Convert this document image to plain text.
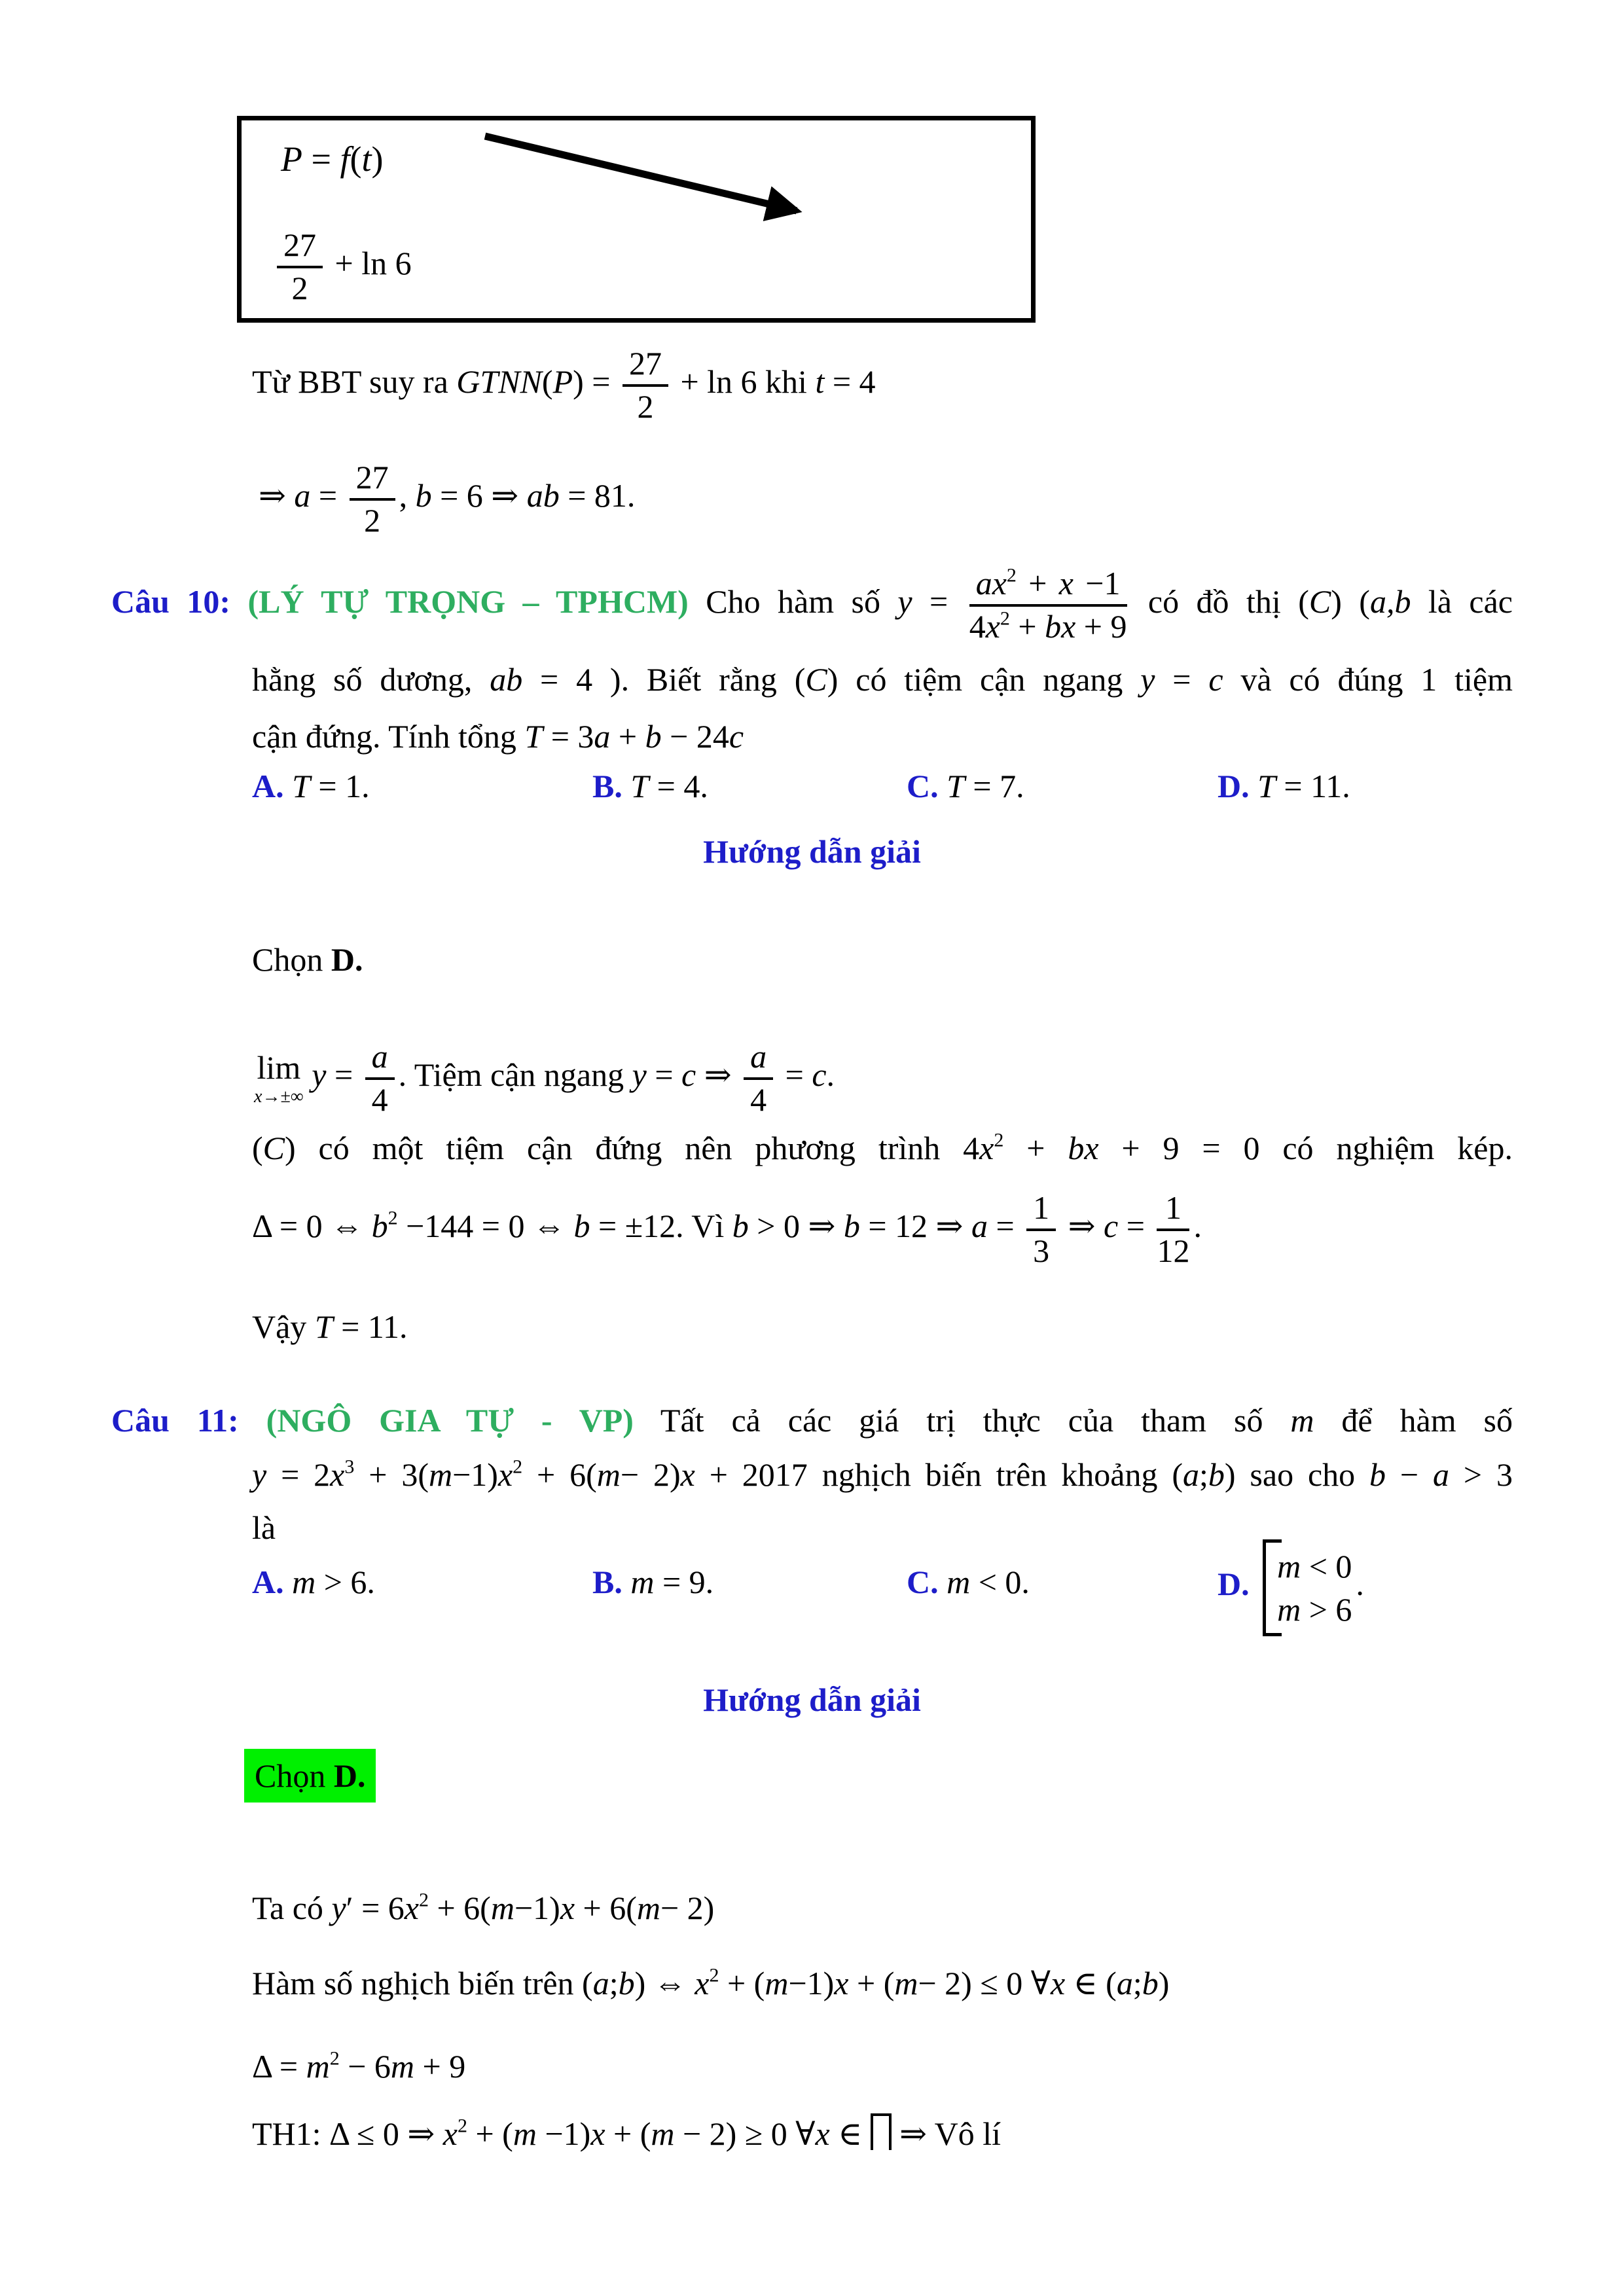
P = f(t)
$\frac{27}{2} + \ln 6$
Từ BBT suy ra GTNN(P) = $\frac{27}{2} + \ln 6$ khi t = 4
⇒ $a = \frac{27}{2}$ , b = 6 ⇒ ab = 81.
Câu 10: (LÝ TỰ TRỌNG – TPHCM) Cho hàm số $y = \frac{ax^2 + x -1}{4x^2 + bx + 9}$ có đồ thị (C) (a,b là các
hằng số dương, ab = 4 ). Biết rằng (C) có tiệm cận ngang y = c và có đúng 1 tiệm
cận đứng. Tính tổng T = 3a + b − 24c
A. T = 1.	B. T = 4.	C. T = 7.	D. T = 11.
Hướng dẫn giải
Chọn D.
lim
x→±∞
$y = \frac{a}{4}$ . Tiệm cận ngang y = c ⇒ $\frac{a}{4} = c$.
(C) có một tiệm cận đứng nên phương trình $4x^2$ + bx + 9 = 0 có nghiệm kép.
Δ = 0 ⇔ $b^2 -144 = 0$ ⇔ b = ±12. Vì b > 0 ⇒ b = 12 ⇒ $a = \frac{1}{3}$ ⇒ $c = \frac{1}{12}$ .
Vậy T = 11.
Câu 11: (NGÔ GIA TỰ - VP) Tất cả các giá trị thực của tham số m để hàm số
$y = 2x^3 + 3(m-1)x^2 + 6(m- 2)x + 2017$ nghịch biến trên khoảng (a;b) sao cho b − a > 3
là
A. m > 6.	B. m = 9.	C. m < 0.	D. m < 0
m > 6
.
Hướng dẫn giải
Chọn D.
Ta có $y' = 6x^2 + 6(m-1)x + 6(m- 2)$
Hàm số nghịch biến trên (a;b) ⇔ $x^2 + (m-1)x + (m- 2) \le 0$ ∀x ∈ (a;b)
$\Delta = m^2 - 6m + 9$
TH1: Δ ≤ 0 ⇒ $x^2 + (m -1)x + (m - 2) \ge 0$ ∀x ∈  ⇒ Vô lí
